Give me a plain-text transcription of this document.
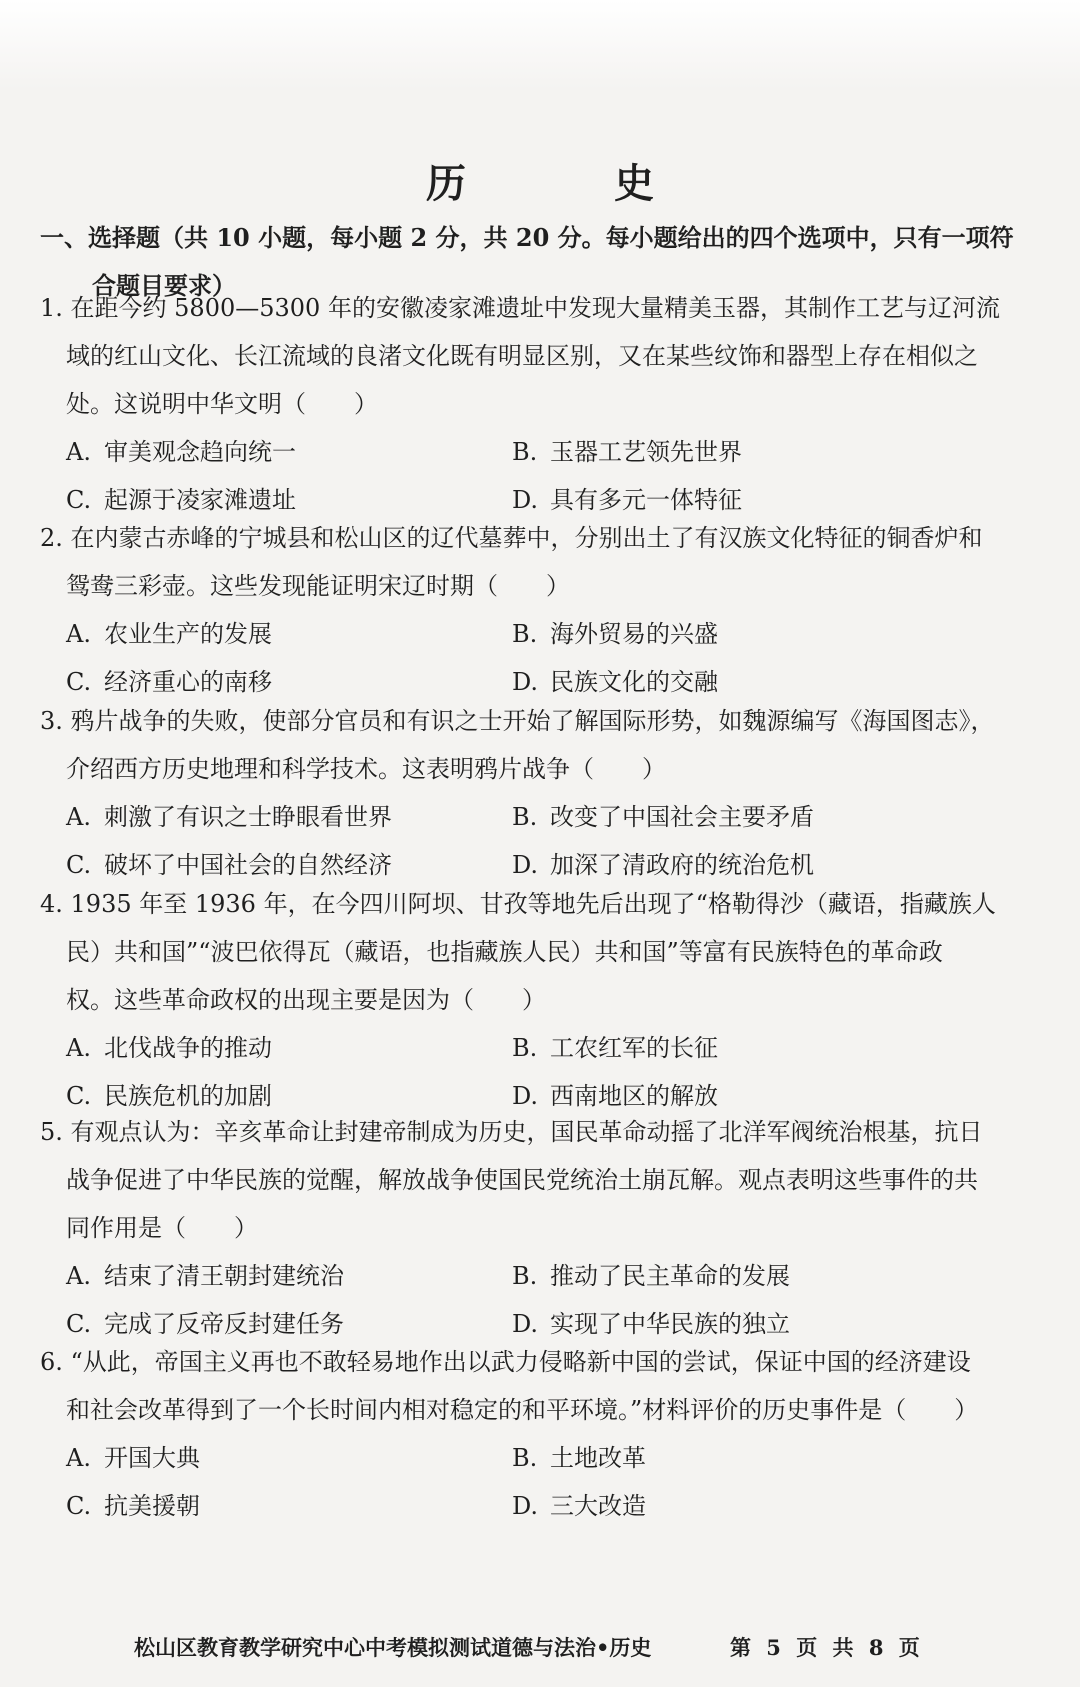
历　史
一、选择题（共 10 小题，每小题 2 分，共 20 分。每小题给出的四个选项中，只有一项符
合题目要求）
1. 在距今约 5800—5300 年的安徽凌家滩遗址中发现大量精美玉器，其制作工艺与辽河流
域的红山文化、长江流域的良渚文化既有明显区别，又在某些纹饰和器型上存在相似之
处。这说明中华文明（　　）
A. 审美观念趋向统一	B. 玉器工艺领先世界
C. 起源于凌家滩遗址	D. 具有多元一体特征
2. 在内蒙古赤峰的宁城县和松山区的辽代墓葬中，分别出土了有汉族文化特征的铜香炉和
鸳鸯三彩壶。这些发现能证明宋辽时期（　　）
A. 农业生产的发展	B. 海外贸易的兴盛
C. 经济重心的南移	D. 民族文化的交融
3. 鸦片战争的失败，使部分官员和有识之士开始了解国际形势，如魏源编写《海国图志》，
介绍西方历史地理和科学技术。这表明鸦片战争（　　）
A. 刺激了有识之士睁眼看世界	B. 改变了中国社会主要矛盾
C. 破坏了中国社会的自然经济	D. 加深了清政府的统治危机
4. 1935 年至 1936 年，在今四川阿坝、甘孜等地先后出现了“格勒得沙（藏语，指藏族人
民）共和国”“波巴依得瓦（藏语，也指藏族人民）共和国”等富有民族特色的革命政
权。这些革命政权的出现主要是因为（　　）
A. 北伐战争的推动	B. 工农红军的长征
C. 民族危机的加剧	D. 西南地区的解放
5. 有观点认为：辛亥革命让封建帝制成为历史，国民革命动摇了北洋军阀统治根基，抗日
战争促进了中华民族的觉醒，解放战争使国民党统治土崩瓦解。观点表明这些事件的共
同作用是（　　）
A. 结束了清王朝封建统治	B. 推动了民主革命的发展
C. 完成了反帝反封建任务	D. 实现了中华民族的独立
6. “从此，帝国主义再也不敢轻易地作出以武力侵略新中国的尝试，保证中国的经济建设
和社会改革得到了一个长时间内相对稳定的和平环境。”材料评价的历史事件是（　　）
A. 开国大典	B. 土地改革
C. 抗美援朝	D. 三大改造
松山区教育教学研究中心中考模拟测试道德与法治•历史	第 5 页 共 8 页
